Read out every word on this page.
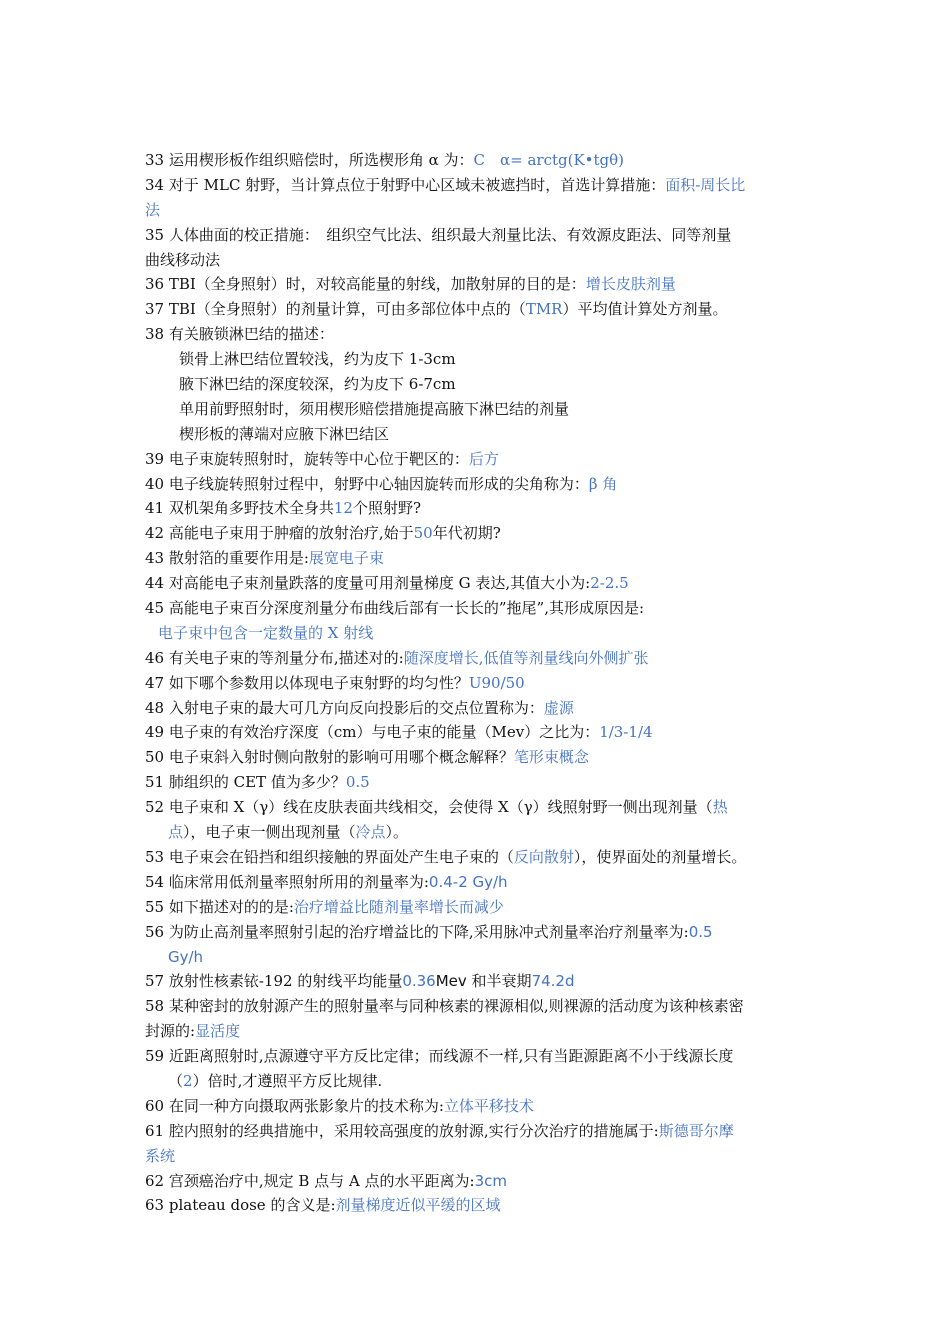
33 运用楔形板作组织赔偿时，所选楔形角 α 为：C　α= arctg(K•tgθ)
34 对于 MLC 射野，当计算点位于射野中心区域未被遮挡时，首选计算措施：面积-周长比
法
35 人体曲面的校正措施：　组织空气比法、组织最大剂量比法、有效源皮距法、同等剂量
曲线移动法
36 TBI（全身照射）时，对较高能量的射线，加散射屏的目的是：增长皮肤剂量
37 TBI（全身照射）的剂量计算，可由多部位体中点的（TMR）平均值计算处方剂量。
38 有关腋锁淋巴结的描述：
锁骨上淋巴结位置较浅，约为皮下 1-3cm
腋下淋巴结的深度较深，约为皮下 6-7cm
单用前野照射时，须用楔形赔偿措施提高腋下淋巴结的剂量
楔形板的薄端对应腋下淋巴结区
39 电子束旋转照射时，旋转等中心位于靶区的：后方
40 电子线旋转照射过程中，射野中心轴因旋转而形成的尖角称为：β 角
41 双机架角多野技术全身共12个照射野?
42 高能电子束用于肿瘤的放射治疗,始于50年代初期?
43 散射箔的重要作用是:展宽电子束
44 对高能电子束剂量跌落的度量可用剂量梯度 G 表达,其值大小为:2-2.5
45 高能电子束百分深度剂量分布曲线后部有一长长的”拖尾”,其形成原因是:
电子束中包含一定数量的 X 射线
46 有关电子束的等剂量分布,描述对的:随深度增长,低值等剂量线向外侧扩张
47 如下哪个参数用以体现电子束射野的均匀性？U90/50
48 入射电子束的最大可几方向反向投影后的交点位置称为：虚源
49 电子束的有效治疗深度（cm）与电子束的能量（Mev）之比为：1/3-1/4
50 电子束斜入射时侧向散射的影响可用哪个概念解释？笔形束概念
51 肺组织的 CET 值为多少？0.5
52 电子束和 X（γ）线在皮肤表面共线相交，会使得 X（γ）线照射野一侧出现剂量（热
点），电子束一侧出现剂量（冷点）。
53 电子束会在铅挡和组织接触的界面处产生电子束的（反向散射），使界面处的剂量增长。
54 临床常用低剂量率照射所用的剂量率为:0.4-2 Gy/h
55 如下描述对的的是:治疗增益比随剂量率增长而减少
56 为防止高剂量率照射引起的治疗增益比的下降,采用脉冲式剂量率治疗剂量率为:0.5
Gy/h
57 放射性核素铱-192 的射线平均能量0.36Mev 和半衰期74.2d
58 某种密封的放射源产生的照射量率与同种核素的裸源相似,则裸源的活动度为该种核素密
封源的:显活度
59 近距离照射时,点源遵守平方反比定律；而线源不一样,只有当距源距离不小于线源长度
（2）倍时,才遵照平方反比规律.
60 在同一种方向摄取两张影象片的技术称为:立体平移技术
61 腔内照射的经典措施中，采用较高强度的放射源,实行分次治疗的措施属于:斯德哥尔摩
系统
62 宫颈癌治疗中,规定 B 点与 A 点的水平距离为:3cm
63 plateau dose 的含义是:剂量梯度近似平缓的区域
